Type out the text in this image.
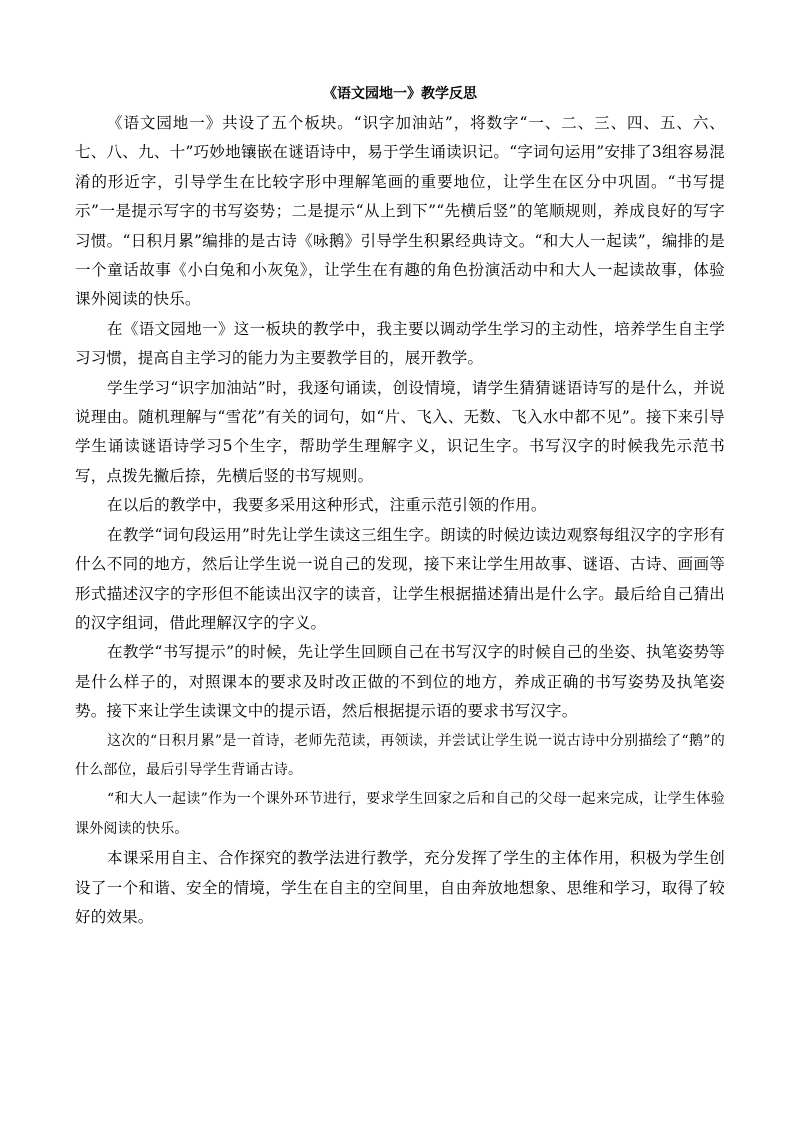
《语文园地一》教学反思

《语文园地一》共设了五个板块。“识字加油站”，将数字“一、二、三、四、五、六、七、八、九、十”巧妙地镶嵌在谜语诗中，易于学生诵读识记。“字词句运用”安排了3组容易混淆的形近字，引导学生在比较字形中理解笔画的重要地位，让学生在区分中巩固。“书写提示”一是提示写字的书写姿势；二是提示“从上到下”“先横后竖”的笔顺规则，养成良好的写字习惯。“日积月累”编排的是古诗《咏鹅》引导学生积累经典诗文。“和大人一起读”，编排的是一个童话故事《小白兔和小灰兔》，让学生在有趣的角色扮演活动中和大人一起读故事，体验课外阅读的快乐。

在《语文园地一》这一板块的教学中，我主要以调动学生学习的主动性，培养学生自主学习习惯，提高自主学习的能力为主要教学目的，展开教学。

学生学习“识字加油站”时，我逐句诵读，创设情境，请学生猜猜谜语诗写的是什么，并说说理由。随机理解与“雪花”有关的词句，如“片、飞入、无数、飞入水中都不见”。接下来引导学生诵读谜语诗学习5个生字，帮助学生理解字义，识记生字。书写汉字的时候我先示范书写，点拨先撇后捺，先横后竖的书写规则。

在以后的教学中，我要多采用这种形式，注重示范引领的作用。

在教学“词句段运用”时先让学生读这三组生字。朗读的时候边读边观察每组汉字的字形有什么不同的地方，然后让学生说一说自己的发现，接下来让学生用故事、谜语、古诗、画画等形式描述汉字的字形但不能读出汉字的读音，让学生根据描述猜出是什么字。最后给自己猜出的汉字组词，借此理解汉字的字义。

在教学“书写提示”的时候，先让学生回顾自己在书写汉字的时候自己的坐姿、执笔姿势等是什么样子的，对照课本的要求及时改正做的不到位的地方，养成正确的书写姿势及执笔姿势。接下来让学生读课文中的提示语，然后根据提示语的要求书写汉字。

这次的“日积月累”是一首诗，老师先范读，再领读，并尝试让学生说一说古诗中分别描绘了“鹅”的什么部位，最后引导学生背诵古诗。

“和大人一起读”作为一个课外环节进行，要求学生回家之后和自己的父母一起来完成，让学生体验课外阅读的快乐。

本课采用自主、合作探究的教学法进行教学，充分发挥了学生的主体作用，积极为学生创设了一个和谐、安全的情境，学生在自主的空间里，自由奔放地想象、思维和学习，取得了较好的效果。
